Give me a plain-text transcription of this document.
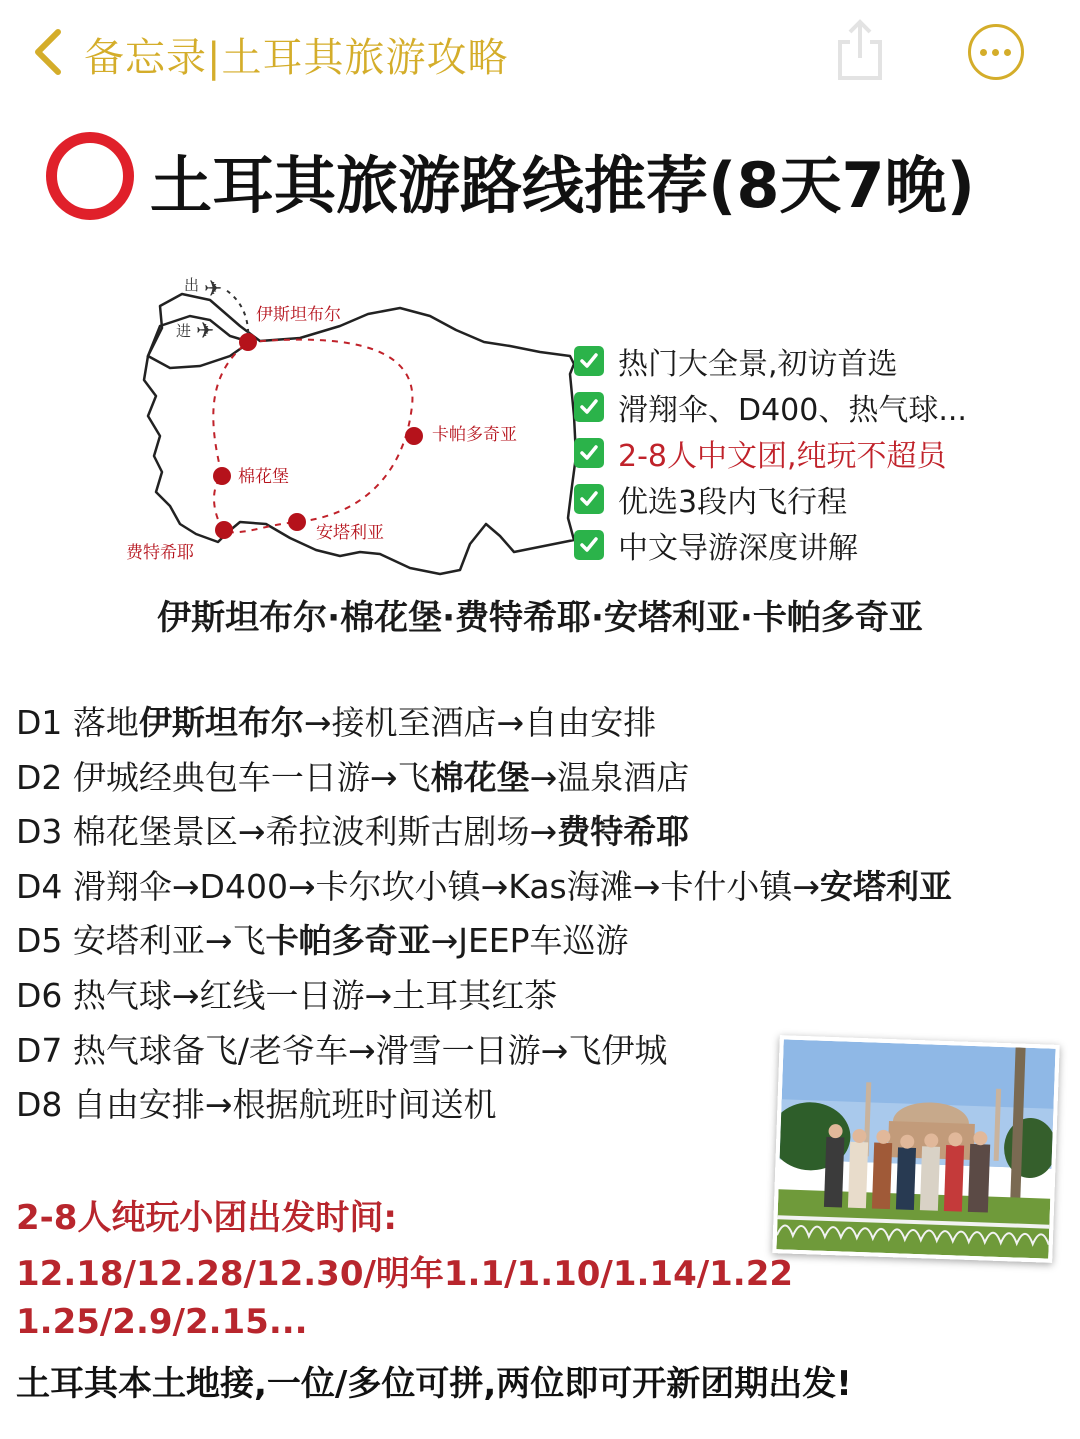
备忘录|土耳其旅游攻略
土耳其旅游路线推荐(8天7晚)
✈
✈
出
进
伊斯坦布尔
卡帕多奇亚
棉花堡
安塔利亚
费特希耶
热门大全景,初访首选
滑翔伞、D400、热气球...
2-8人中文团,纯玩不超员
优选3段内飞行程
中文导游深度讲解
伊斯坦布尔·棉花堡·费特希耶·安塔利亚·卡帕多奇亚
D1 落地伊斯坦布尔→接机至酒店→自由安排
D2 伊城经典包车一日游→飞棉花堡→温泉酒店
D3 棉花堡景区→希拉波利斯古剧场→费特希耶
D4 滑翔伞→D400→卡尔坎小镇→Kas海滩→卡什小镇→安塔利亚
D5 安塔利亚→飞卡帕多奇亚→JEEP车巡游
D6 热气球→红线一日游→土耳其红茶
D7 热气球备飞/老爷车→滑雪一日游→飞伊城
D8 自由安排→根据航班时间送机
2-8人纯玩小团出发时间:
12.18/12.28/12.30/明年1.1/1.10/1.14/1.22
1.25/2.9/2.15...
土耳其本土地接,一位/多位可拼,两位即可开新团期出发!
